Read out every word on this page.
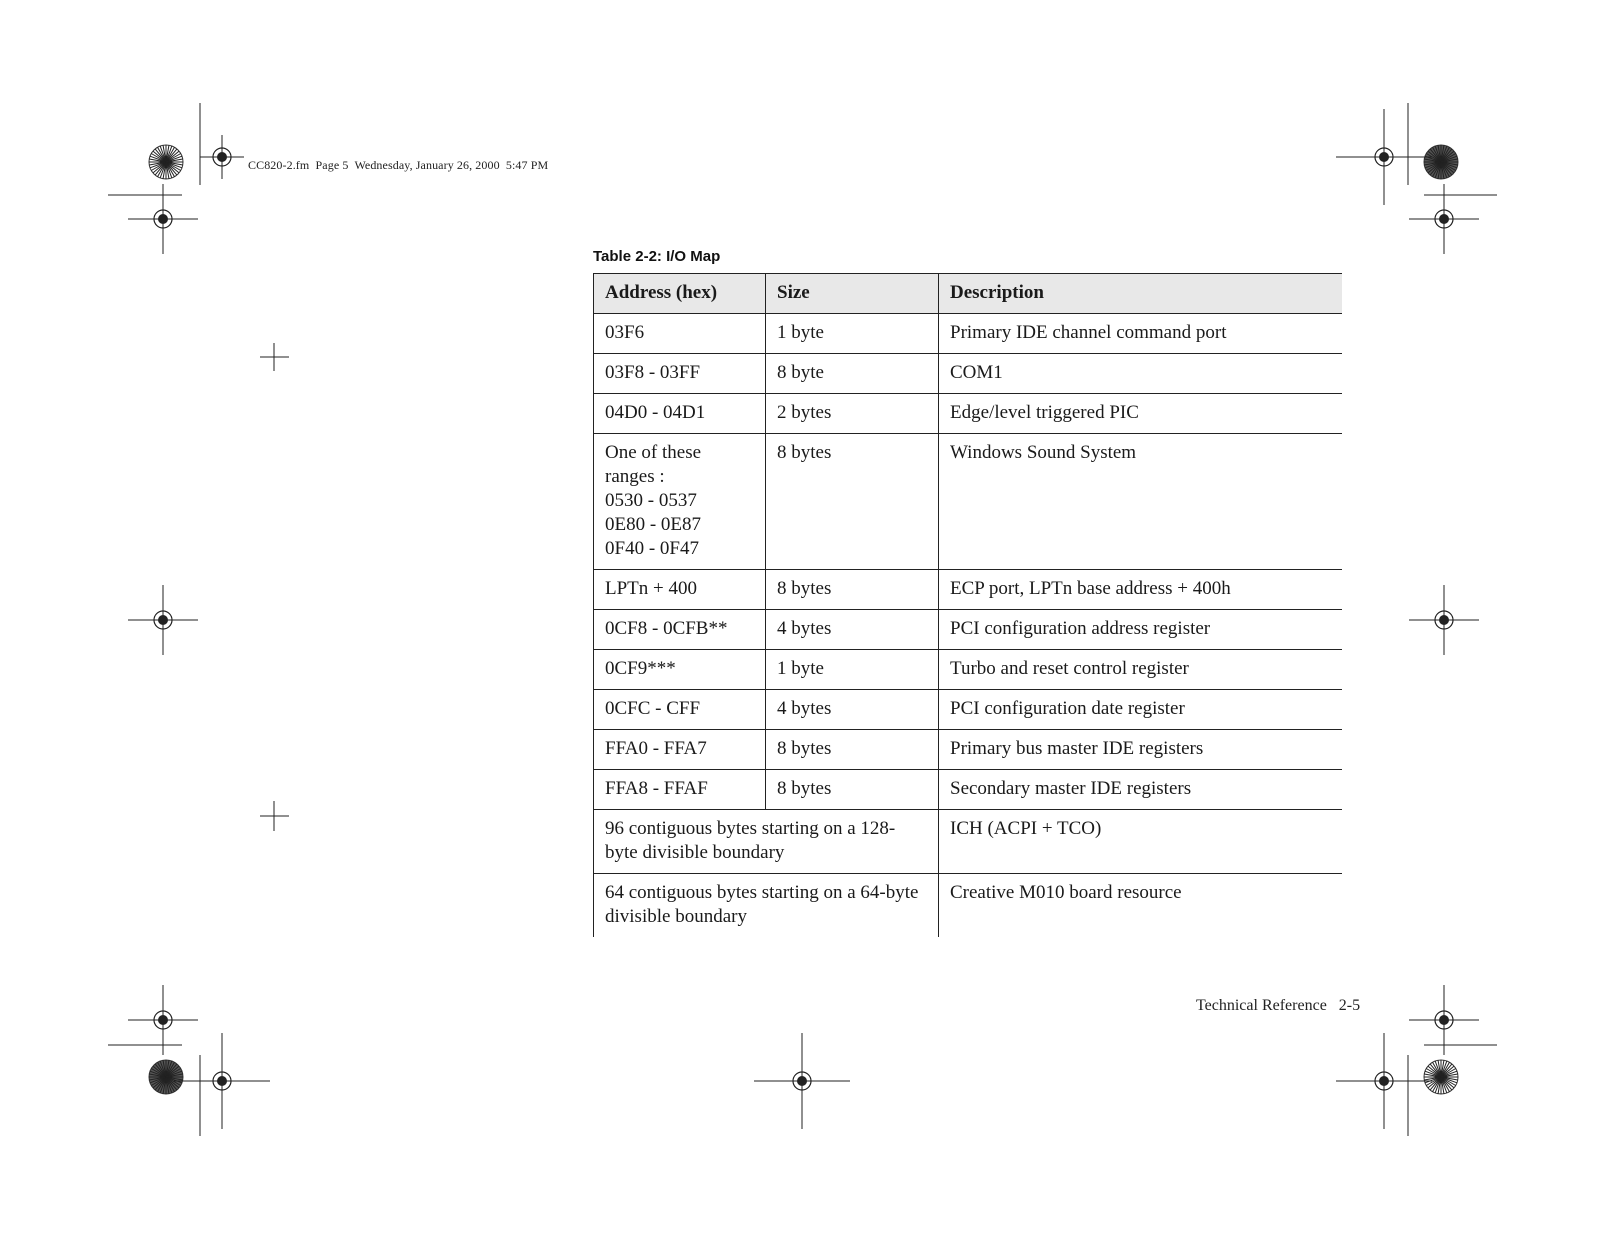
CC820-2.fm  Page 5  Wednesday, January 26, 2000  5:47 PM
Table 2-2: I/O Map
Address (hex)	Size	Description
03F6	1 byte	Primary IDE channel command port
03F8 - 03FF	8 byte	COM1
04D0 - 04D1	2 bytes	Edge/level triggered PIC
One of these
ranges :
0530 - 0537
0E80 - 0E87
0F40 - 0F47	8 bytes	Windows Sound System
LPTn + 400	8 bytes	ECP port, LPTn base address + 400h
0CF8 - 0CFB**	4 bytes	PCI configuration address register
0CF9***	1 byte	Turbo and reset control register
0CFC - CFF	4 bytes	PCI configuration date register
FFA0 - FFA7	8 bytes	Primary bus master IDE registers
FFA8 - FFAF	8 bytes	Secondary master IDE registers
96 contiguous bytes starting on a 128-byte divisible boundary		ICH (ACPI + TCO)
64 contiguous bytes starting on a 64-byte divisible boundary		Creative M010 board resource
Technical Reference   2-5
